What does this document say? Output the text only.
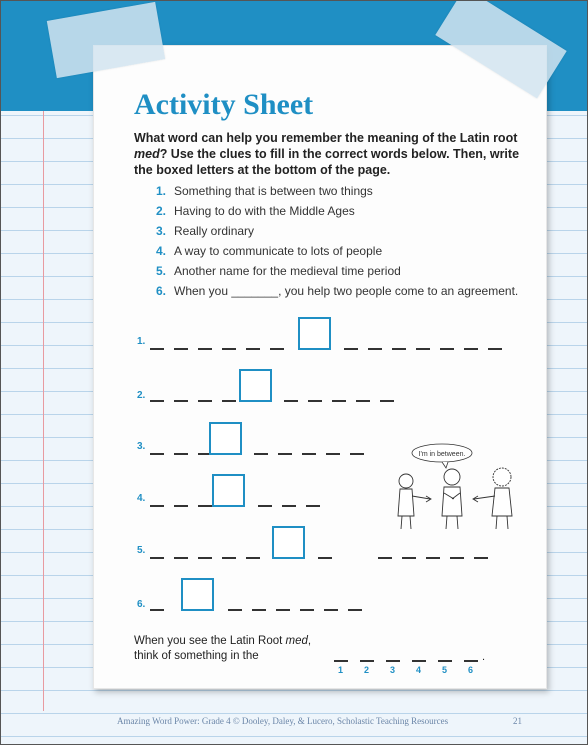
Activity Sheet
What word can help you remember the meaning of the Latin root med? Use the clues to fill in the correct words below. Then, write the boxed letters at the bottom of the page.
1. Something that is between two things
2. Having to do with the Middle Ages
3. Really ordinary
4. A way to communicate to lots of people
5. Another name for the medieval time period
6. When you _______, you help two people come to an agreement.
1.
2.
3.
4.
5.
6.
I'm in between.
When you see the Latin Root med,
think of something in the	.
1 2 3 4 5 6
Amazing Word Power: Grade 4 © Dooley, Daley, & Lucero, Scholastic Teaching Resources	21
